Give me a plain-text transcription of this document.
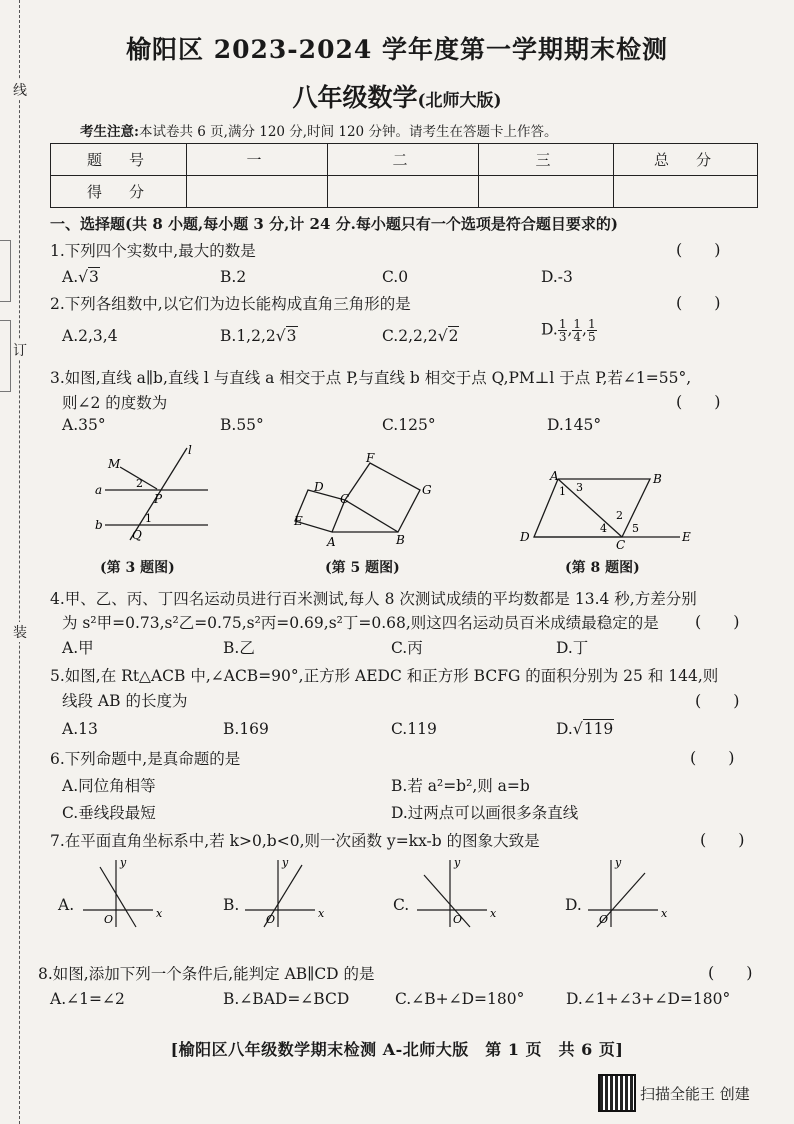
线
订
装
榆阳区 2023-2024 学年度第一学期期末检测
八年级数学(北师大版)
考生注意:本试卷共 6 页,满分 120 分,时间 120 分钟。请考生在答题卡上作答。
题　号	一	二	三	总　分
得　分				
一、选择题(共 8 小题,每小题 3 分,计 24 分.每小题只有一个选项是符合题目要求的)
1.下列四个实数中,最大的数是	(　　)
A.√3	B.2	C.0	D.-3
2.下列各组数中,以它们为边长能构成直角三角形的是	(　　)
A.2,3,4	B.1,2,2√3	C.2,2,2√2	D. $\frac{1}{3}$ , $\frac{1}{4}$ , $\frac{1}{5}$
3.如图,直线 a∥b,直线 l 与直线 a 相交于点 P,与直线 b 相交于点 Q,PM⊥l 于点 P,若∠1=55°,
则∠2 的度数为	(　　)
A.35°	B.55°	C.125°	D.145°
M
l
a
b
P
Q
1
2
(第 3 题图)
F
D
C
G
E
A	B
(第 5 题图)
A	B
D
C
E
1 3
2
4 5
(第 8 题图)
4.甲、乙、丙、丁四名运动员进行百米测试,每人 8 次测试成绩的平均数都是 13.4 秒,方差分别
为 s²甲=0.73,s²乙=0.75,s²丙=0.69,s²丁=0.68,则这四名运动员百米成绩最稳定的是 (　　)
A.甲	B.乙	C.丙	D.丁
5.如图,在 Rt△ACB 中,∠ACB=90°,正方形 AEDC 和正方形 BCFG 的面积分别为 25 和 144,则
线段 AB 的长度为	(　　)
A.13	B.169	C.119	D.√119
6.下列命题中,是真命题的是	(　　)
A.同位角相等	B.若 a²=b²,则 a=b
C.垂线段最短	D.过两点可以画很多条直线
7.在平面直角坐标系中,若 k>0,b<0,则一次函数 y=kx-b 的图象大致是	(　　)
A.
y
x
O
B.
y
x
O
C.
y
x
O
D.
y
x
O
8.如图,添加下列一个条件后,能判定 AB∥CD 的是	(　　)
A.∠1=∠2	B.∠BAD=∠BCD	C.∠B+∠D=180°	D.∠1+∠3+∠D=180°
[榆阳区八年级数学期末检测 A-北师大版　第 1 页　共 6 页]
扫描全能王 创建
